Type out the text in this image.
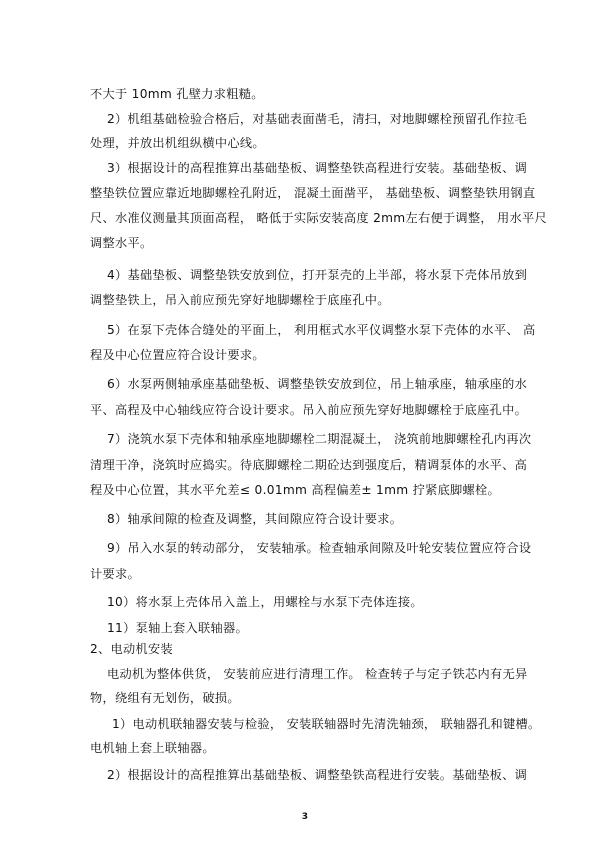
不大于 10mm 孔壁力求粗糙。
2）机组基础检验合格后，对基础表面凿毛，清扫，对地脚螺栓预留孔作拉毛
处理，并放出机组纵横中心线。
3）根据设计的高程推算出基础垫板、调整垫铁高程进行安装。基础垫板、调
整垫铁位置应靠近地脚螺栓孔附近， 混凝土面凿平， 基础垫板、调整垫铁用钢直
尺、水准仪测量其顶面高程， 略低于实际安装高度 2mm左右便于调整， 用水平尺
调整水平。
4）基础垫板、调整垫铁安放到位，打开泵壳的上半部，将水泵下壳体吊放到
调整垫铁上，吊入前应预先穿好地脚螺栓于底座孔中。
5）在泵下壳体合缝处的平面上， 利用框式水平仪调整水泵下壳体的水平、 高
程及中心位置应符合设计要求。
6）水泵两侧轴承座基础垫板、调整垫铁安放到位，吊上轴承座，轴承座的水
平、高程及中心轴线应符合设计要求。吊入前应预先穿好地脚螺栓于底座孔中。
7）浇筑水泵下壳体和轴承座地脚螺栓二期混凝土， 浇筑前地脚螺栓孔内再次
清理干净，浇筑时应捣实。待底脚螺栓二期砼达到强度后，精调泵体的水平、高
程及中心位置，其水平允差≤ 0.01mm 高程偏差± 1mm 拧紧底脚螺栓。
8）轴承间隙的检查及调整，其间隙应符合设计要求。
9）吊入水泵的转动部分， 安装轴承。检查轴承间隙及叶轮安装位置应符合设
计要求。
10）将水泵上壳体吊入盖上，用螺栓与水泵下壳体连接。
11）泵轴上套入联轴器。
2、电动机安装
电动机为整体供货， 安装前应进行清理工作。 检查转子与定子铁芯内有无异
物，绕组有无划伤，破损。
1）电动机联轴器安装与检验， 安装联轴器时先清洗轴颈， 联轴器孔和键槽。
电机轴上套上联轴器。
2）根据设计的高程推算出基础垫板、调整垫铁高程进行安装。基础垫板、调
3
